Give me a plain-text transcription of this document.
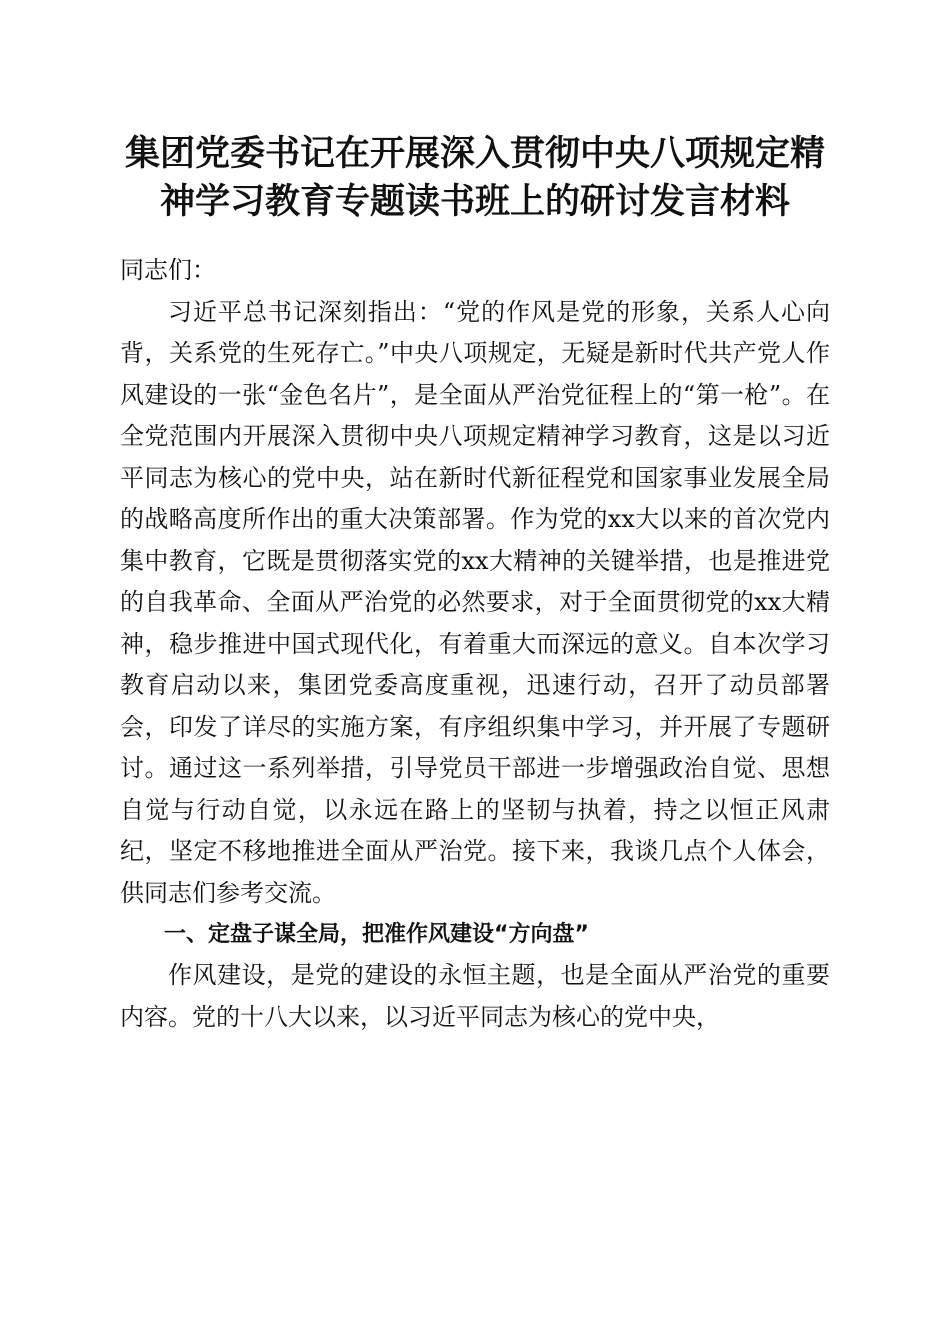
集团党委书记在开展深入贯彻中央八项规定精
神学习教育专题读书班上的研讨发言材料

同志们：

习近平总书记深刻指出：“党的作风是党的形象，关系人心向背，关系党的生死存亡。”中央八项规定，无疑是新时代共产党人作风建设的一张“金色名片”，是全面从严治党征程上的“第一枪”。在全党范围内开展深入贯彻中央八项规定精神学习教育，这是以习近平同志为核心的党中央，站在新时代新征程党和国家事业发展全局的战略高度所作出的重大决策部署。作为党的xx大以来的首次党内集中教育，它既是贯彻落实党的xx大精神的关键举措，也是推进党的自我革命、全面从严治党的必然要求，对于全面贯彻党的xx大精神，稳步推进中国式现代化，有着重大而深远的意义。自本次学习教育启动以来，集团党委高度重视，迅速行动，召开了动员部署会，印发了详尽的实施方案，有序组织集中学习，并开展了专题研讨。通过这一系列举措，引导党员干部进一步增强政治自觉、思想自觉与行动自觉，以永远在路上的坚韧与执着，持之以恒正风肃纪，坚定不移地推进全面从严治党。接下来，我谈几点个人体会，供同志们参考交流。

一、定盘子谋全局，把准作风建设“方向盘”

作风建设，是党的建设的永恒主题，也是全面从严治党的重要内容。党的十八大以来，以习近平同志为核心的党中央，
